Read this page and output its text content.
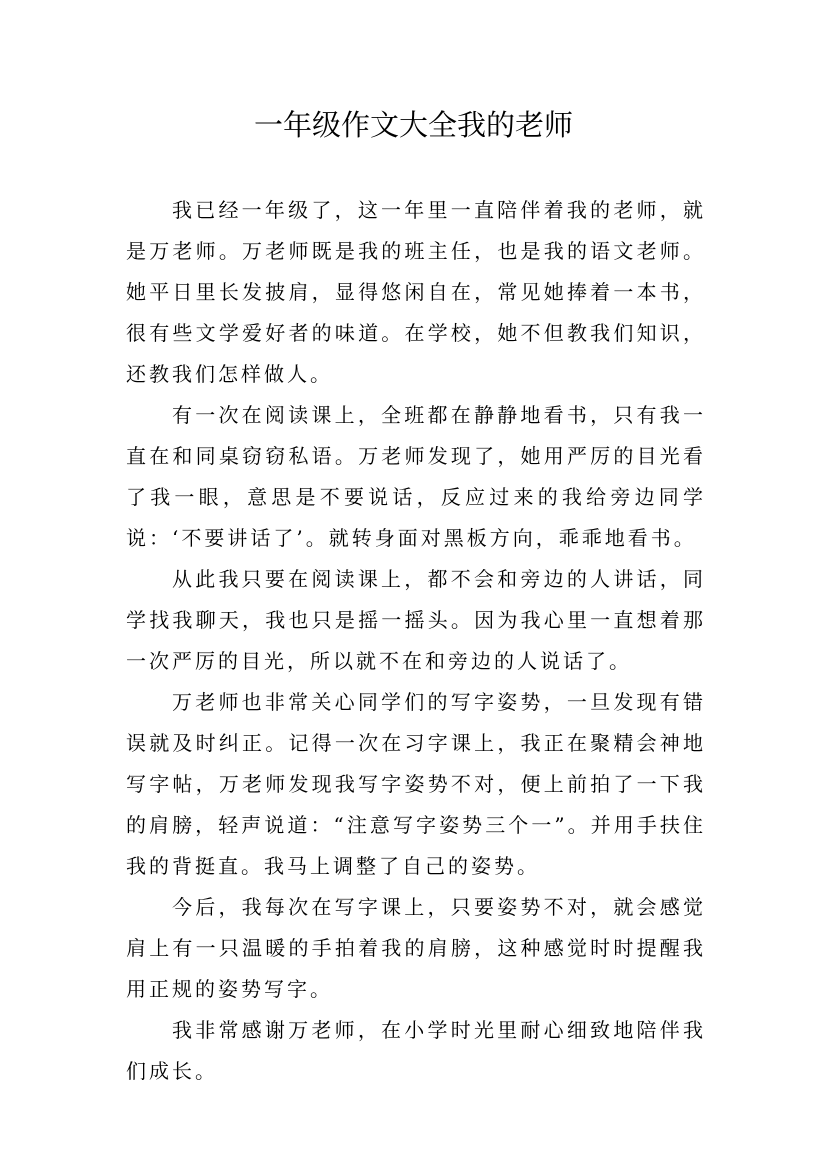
一年级作文大全我的老师

我已经一年级了，这一年里一直陪伴着我的老师，就是万老师。万老师既是我的班主任，也是我的语文老师。她平日里长发披肩，显得悠闲自在，常见她捧着一本书，很有些文学爱好者的味道。在学校，她不但教我们知识，还教我们怎样做人。

有一次在阅读课上，全班都在静静地看书，只有我一直在和同桌窃窃私语。万老师发现了，她用严厉的目光看了我一眼，意思是不要说话，反应过来的我给旁边同学说：‘不要讲话了’。就转身面对黑板方向，乖乖地看书。

从此我只要在阅读课上，都不会和旁边的人讲话，同学找我聊天，我也只是摇一摇头。因为我心里一直想着那一次严厉的目光，所以就不在和旁边的人说话了。

万老师也非常关心同学们的写字姿势，一旦发现有错误就及时纠正。记得一次在习字课上，我正在聚精会神地写字帖，万老师发现我写字姿势不对，便上前拍了一下我的肩膀，轻声说道：“注意写字姿势三个一”。并用手扶住我的背挺直。我马上调整了自己的姿势。

今后，我每次在写字课上，只要姿势不对，就会感觉肩上有一只温暖的手拍着我的肩膀，这种感觉时时提醒我用正规的姿势写字。

我非常感谢万老师，在小学时光里耐心细致地陪伴我们成长。
